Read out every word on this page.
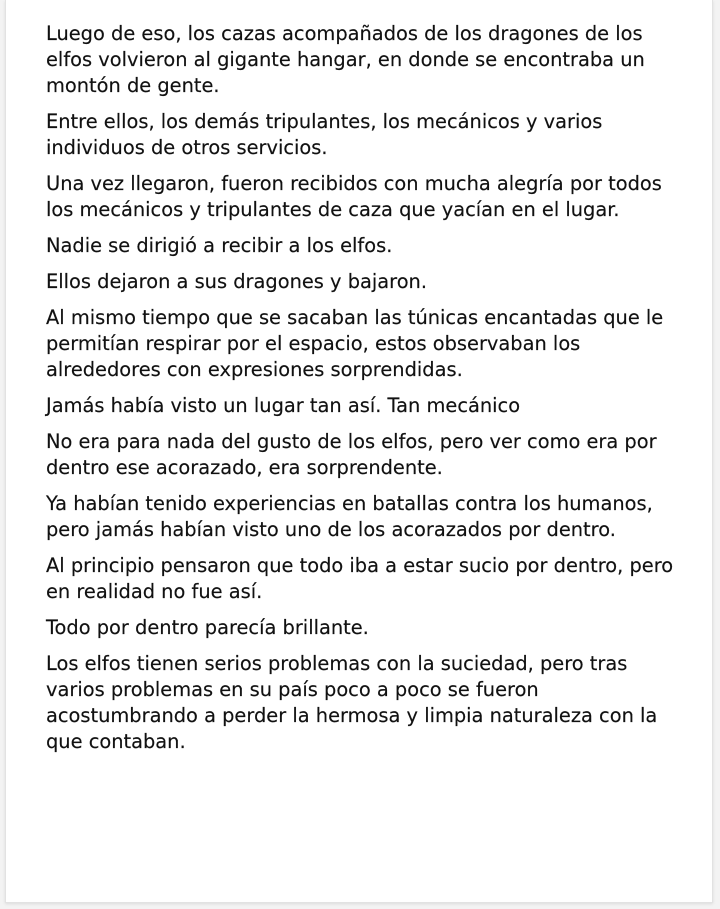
Luego de eso, los cazas acompañados de los dragones de los elfos volvieron al gigante hangar, en donde se encontraba un montón de gente.

Entre ellos, los demás tripulantes, los mecánicos y varios individuos de otros servicios.

Una vez llegaron, fueron recibidos con mucha alegría por todos los mecánicos y tripulantes de caza que yacían en el lugar.

Nadie se dirigió a recibir a los elfos.

Ellos dejaron a sus dragones y bajaron.

Al mismo tiempo que se sacaban las túnicas encantadas que le permitían respirar por el espacio, estos observaban los alrededores con expresiones sorprendidas.

Jamás había visto un lugar tan así. Tan mecánico

No era para nada del gusto de los elfos, pero ver como era por dentro ese acorazado, era sorprendente.

Ya habían tenido experiencias en batallas contra los humanos, pero jamás habían visto uno de los acorazados por dentro.

Al principio pensaron que todo iba a estar sucio por dentro, pero en realidad no fue así.

Todo por dentro parecía brillante.

Los elfos tienen serios problemas con la suciedad, pero tras varios problemas en su país poco a poco se fueron acostumbrando a perder la hermosa y limpia naturaleza con la que contaban.
